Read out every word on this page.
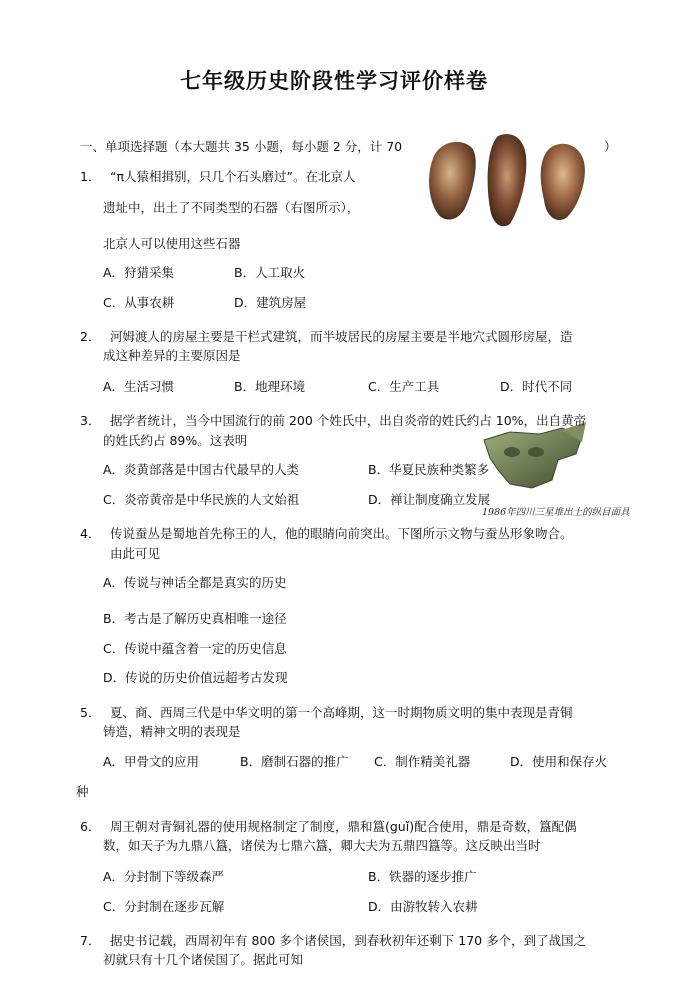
七年级历史阶段性学习评价样卷
一、单项选择题（本大题共 35 小题，每小题 2 分，计 70	）
1． “π人猿相揖别，只几个石头磨过”。在北京人
遗址中，出土了不同类型的石器（右图所示），
北京人可以使用这些石器
A．狩猎采集	B．人工取火
C．从事农耕	D．建筑房屋
2． 河姆渡人的房屋主要是干栏式建筑，而半坡居民的房屋主要是半地穴式圆形房屋，造
成这种差异的主要原因是
A．生活习惯	B．地理环境	C．生产工具	D．时代不同
1986年四川三星堆出土的纵目面具
3． 据学者统计，当今中国流行的前 200 个姓氏中，出自炎帝的姓氏约占 10%，出自黄帝
的姓氏约占 89%。这表明
A．炎黄部落是中国古代最早的人类	B．华夏民族种类繁多
C．炎帝黄帝是中华民族的人文始祖	D．禅让制度确立发展
4． 传说蚕丛是蜀地首先称王的人，他的眼睛向前突出。下图所示文物与蚕丛形象吻合。
由此可见
A．传说与神话全都是真实的历史
B．考古是了解历史真相唯一途径
C．传说中蕴含着一定的历史信息
D．传说的历史价值远超考古发现
5． 夏、商、西周三代是中华文明的第一个高峰期，这一时期物质文明的集中表现是青铜
铸造，精神文明的表现是
A．甲骨文的应用	B．磨制石器的推广 C．制作精美礼器	D．使用和保存火
种
6． 周王朝对青铜礼器的使用规格制定了制度，鼎和簋(guǐ)配合使用，鼎是奇数，簋配偶
数，如天子为九鼎八簋，诸侯为七鼎六簋，卿大夫为五鼎四簋等。这反映出当时
A．分封制下等级森严	B．铁器的逐步推广
C．分封制在逐步瓦解	D．由游牧转入农耕
7． 据史书记载，西周初年有 800 多个诸侯国，到春秋初年还剩下 170 多个，到了战国之
初就只有十几个诸侯国了。据此可知
